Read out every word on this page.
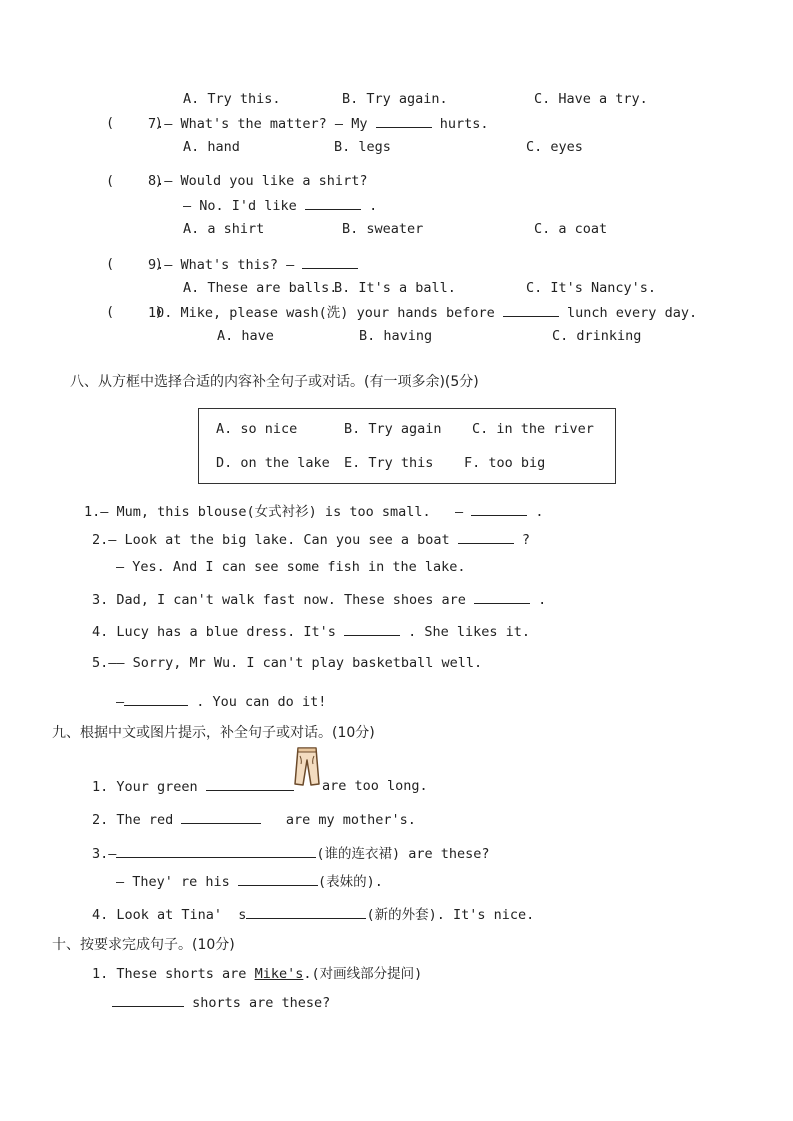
A. Try this.	B. Try again.	C. Have a try.
(     )
7.— What's the matter? — My	hurts.
A. hand	B. legs	C. eyes
(     )
8.— Would you like a shirt?
— No. I'd like	.
A. a shirt	B. sweater	C. a coat
(     )
9.— What's this? —
A. These are balls.
B. It's a ball.	C. It's Nancy's.
(     )
10. Mike, please wash(洗) your hands before	lunch every day.
A. have	B. having	C. drinking
八、从方框中选择合适的内容补全句子或对话。(有一项多余)(5分)
A. so nice	B. Try again C. in the river
D. on the lake E. Try this F. too big
1.— Mum, this blouse(女式衬衫) is too small.   —	.
2.— Look at the big lake. Can you see a boat	?
— Yes. And I can see some fish in the lake.
3. Dad, I can't walk fast now. These shoes are	.
4. Lucy has a blue dress. It's	. She likes it.
5.—— Sorry, Mr Wu. I can't play basketball well.
—	. You can do it!
九、根据中文或图片提示，补全句子或对话。(10分)
1. Your green	are too long.
2. The red	are my mother's.
3.—	(谁的连衣裙) are these?
— They' re his	(表妹的).
4. Look at Tina'  s	(新的外套). It's nice.
十、按要求完成句子。(10分)
1. These shorts are Mike's.(对画线部分提问)
shorts are these?
